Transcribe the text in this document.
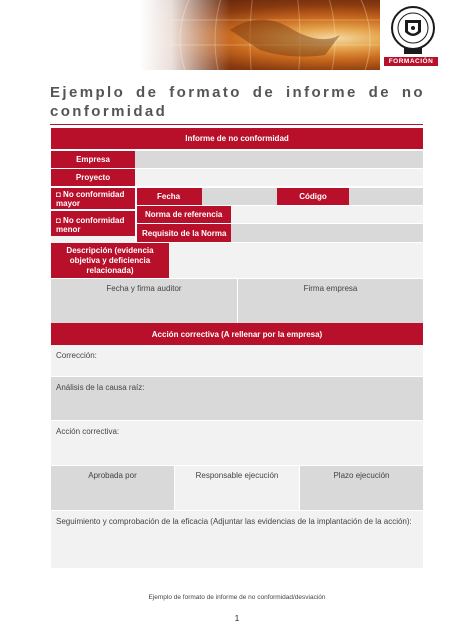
FORMACIÓN
Ejemplo de formato de informe de no conformidad
Informe de no conformidad
Empresa
Proyecto
◘ No conformidad mayor
◘ No conformidad menor
Fecha	Código
Norma de referencia
Requisito de la Norma
Descripción (evidencia objetiva y deficiencia relacionada)
Fecha y firma auditor	Firma empresa
Acción correctiva (A rellenar por la empresa)
Corrección:
Análisis de la causa raíz:
Acción correctiva:
Aprobada por	Responsable ejecución	Plazo ejecución
Seguimiento y comprobación de la eficacia (Adjuntar las evidencias de la implantación de la acción):
Ejemplo de formato de informe de no conformidad/desviación
1
